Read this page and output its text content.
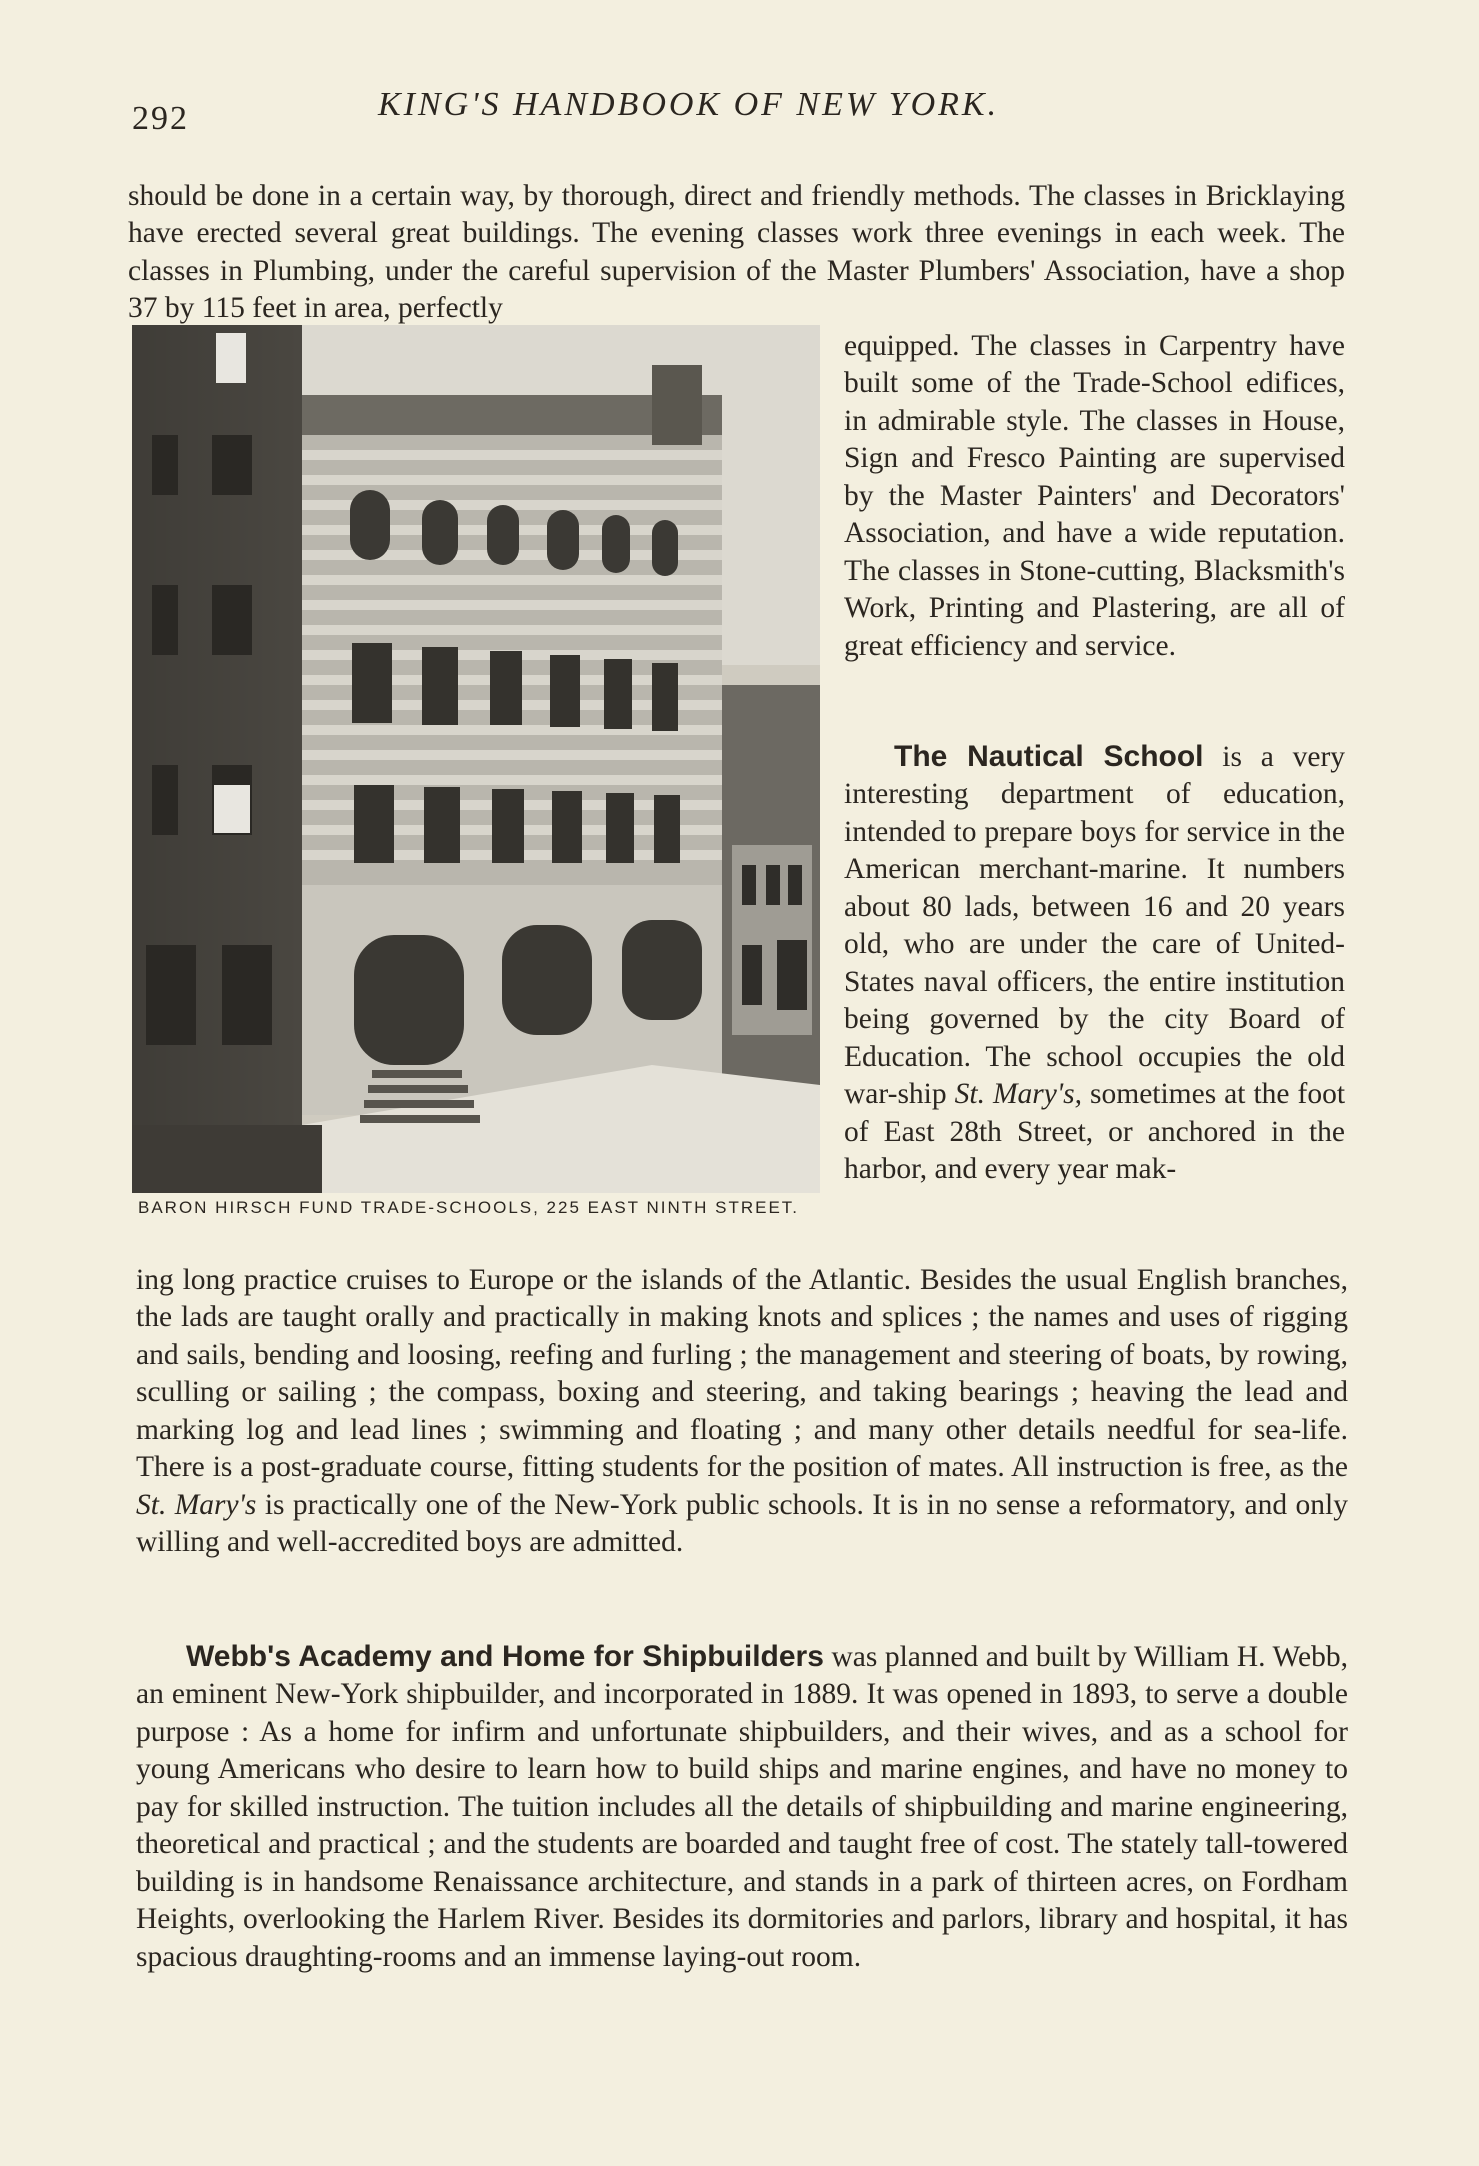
292	KING'S HANDBOOK OF NEW YORK.

should be done in a certain way, by thorough, direct and friendly methods. The classes in Bricklaying have erected several great buildings. The evening classes work three evenings in each week. The classes in Plumbing, under the careful supervision of the Master Plumbers' Association, have a shop 37 by 115 feet in area, perfectly

equipped. The classes in Carpentry have built some of the Trade-School edifices, in admirable style. The classes in House, Sign and Fresco Painting are supervised by the Master Painters' and Decorators' Association, and have a wide reputation. The classes in Stone-cutting, Blacksmith's Work, Printing and Plastering, are all of great efficiency and service.

The Nautical School is a very interesting department of education, intended to prepare boys for service in the American merchant-marine. It numbers about 80 lads, between 16 and 20 years old, who are under the care of United-States naval officers, the entire institution being governed by the city Board of Education. The school occupies the old war-ship St. Mary's, sometimes at the foot of East 28th Street, or anchored in the harbor, and every year mak-

BARON HIRSCH FUND TRADE-SCHOOLS, 225 EAST NINTH STREET.

ing long practice cruises to Europe or the islands of the Atlantic. Besides the usual English branches, the lads are taught orally and practically in making knots and splices ; the names and uses of rigging and sails, bending and loosing, reefing and furling ; the management and steering of boats, by rowing, sculling or sailing ; the compass, boxing and steering, and taking bearings ; heaving the lead and marking log and lead lines ; swimming and floating ; and many other details needful for sea-life. There is a post-graduate course, fitting students for the position of mates. All instruction is free, as the St. Mary's is practically one of the New-York public schools. It is in no sense a reformatory, and only willing and well-accredited boys are admitted.

Webb's Academy and Home for Shipbuilders was planned and built by William H. Webb, an eminent New-York shipbuilder, and incorporated in 1889. It was opened in 1893, to serve a double purpose : As a home for infirm and unfortunate shipbuilders, and their wives, and as a school for young Americans who desire to learn how to build ships and marine engines, and have no money to pay for skilled instruction. The tuition includes all the details of shipbuilding and marine engineering, theoretical and practical ; and the students are boarded and taught free of cost. The stately tall-towered building is in handsome Renaissance architecture, and stands in a park of thirteen acres, on Fordham Heights, overlooking the Harlem River. Besides its dormitories and parlors, library and hospital, it has spacious draughting-rooms and an immense laying-out room.
